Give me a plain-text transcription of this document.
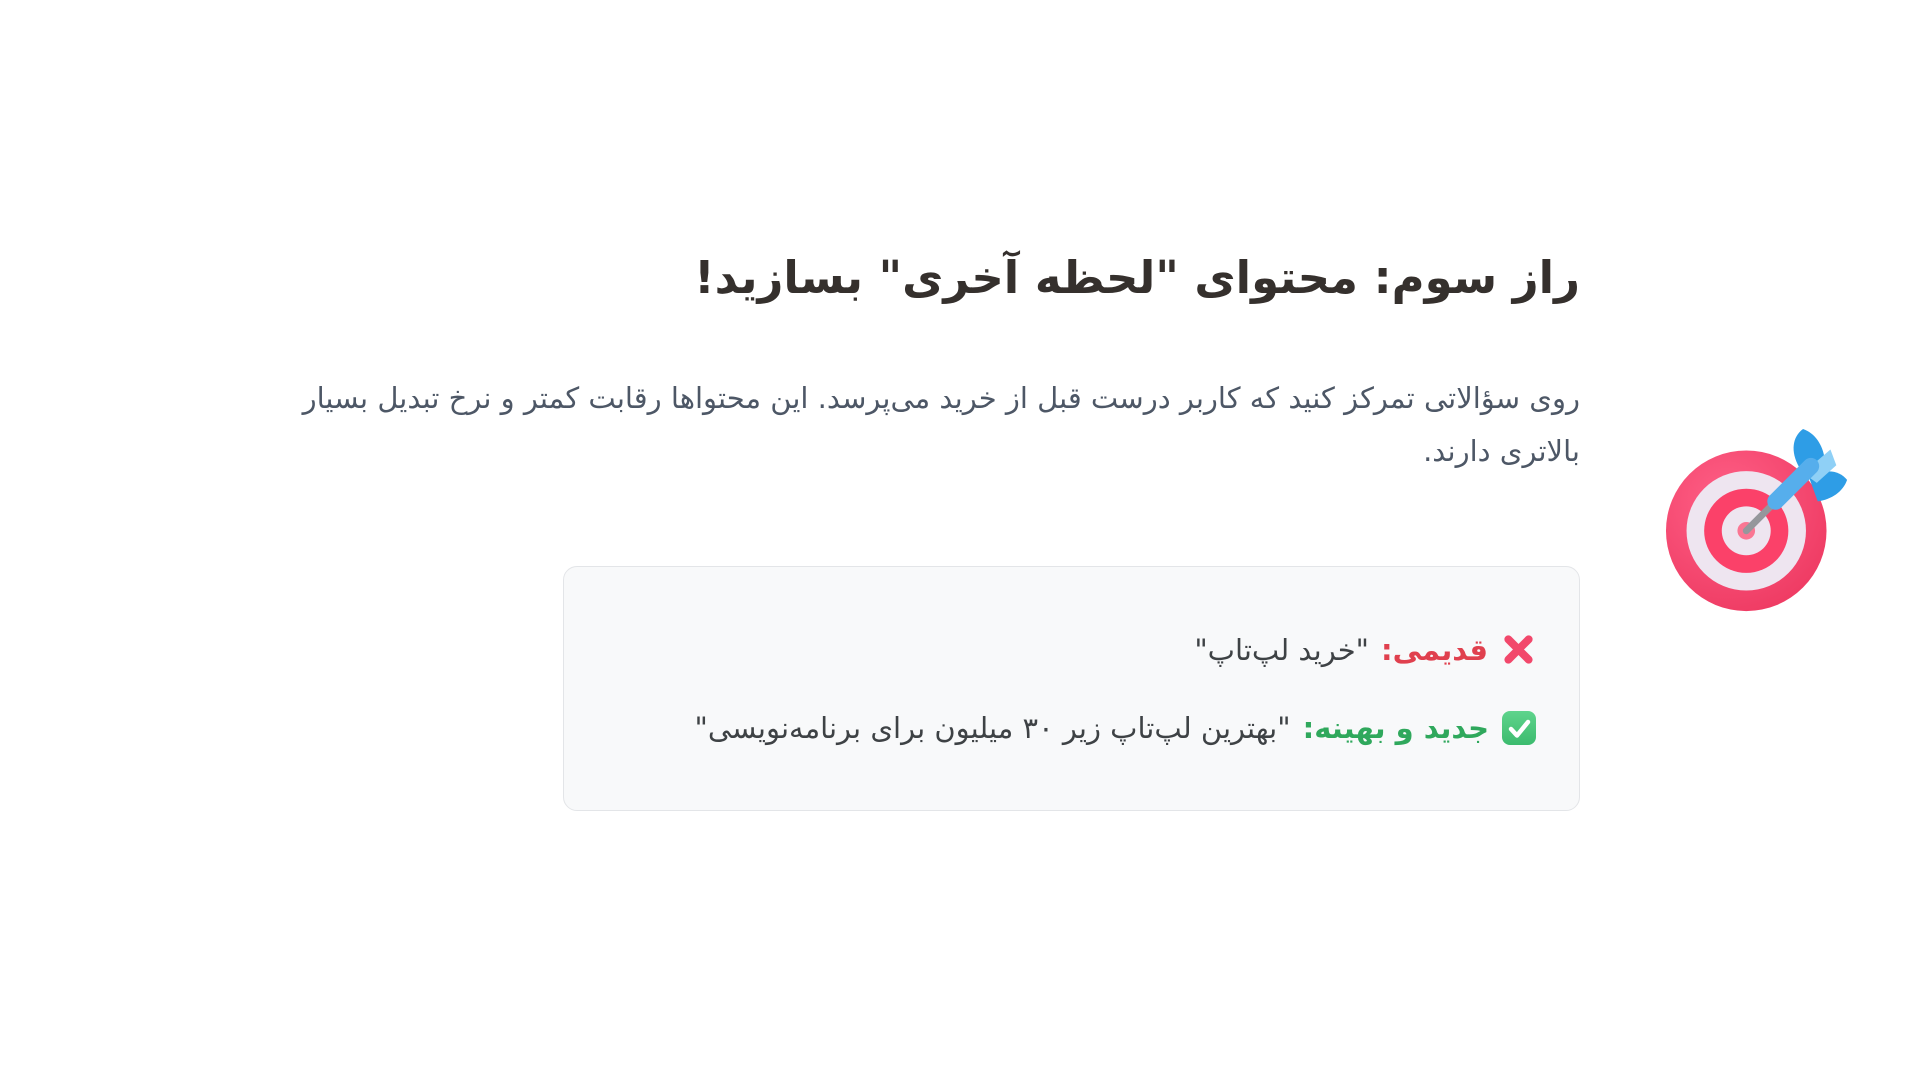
راز سوم: محتوای "لحظه آخری" بسازید!

روی سؤالاتی تمرکز کنید که کاربر درست قبل از خرید می‌پرسد. این محتواها رقابت کمتر و نرخ تبدیل بسیار
بالاتری دارند.

قدیمی:
"خرید لپ‌تاپ"
جدید و بهینه:
"بهترین لپ‌تاپ زیر ۳۰ میلیون برای برنامه‌نویسی"
